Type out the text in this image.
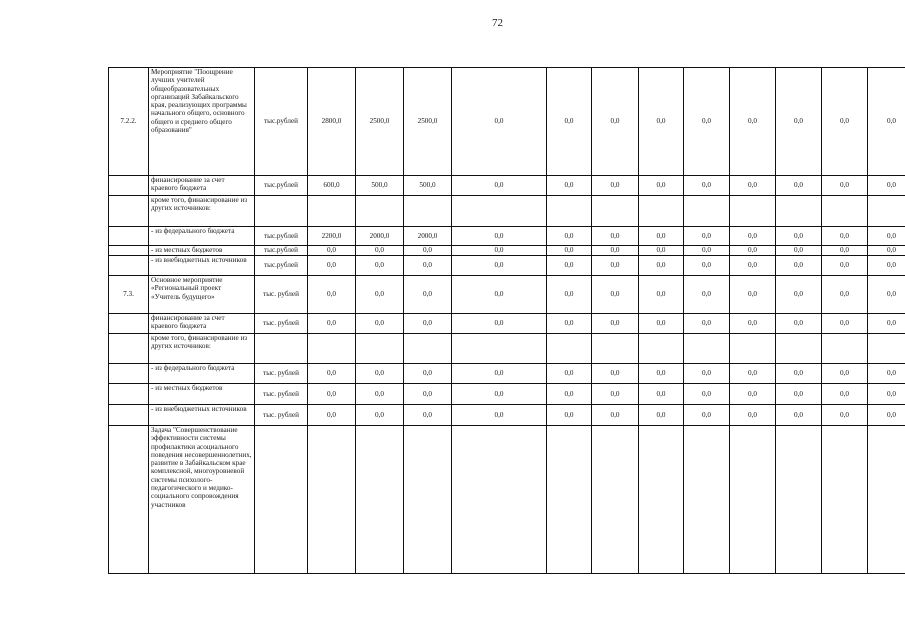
72
7.2.2.	Мероприятие "Поощрение лучших учителей общеобразовательных организаций Забайкальского края, реализующих программы начального общего, основного общего и среднего общего образования"	тыс.рублей	2800,0	2500,0	2500,0	0,0	0,0	0,0	0,0	0,0	0,0	0,0	0,0	0,0
	финансирование за счет краевого бюджета	тыс.рублей	600,0	500,0	500,0	0,0	0,0	0,0	0,0	0,0	0,0	0,0	0,0	0,0
	кроме того, финансирование из других источников:													
	- из федерального бюджета	тыс.рублей	2200,0	2000,0	2000,0	0,0	0,0	0,0	0,0	0,0	0,0	0,0	0,0	0,0
	- из местных бюджетов	тыс.рублей	0,0	0,0	0,0	0,0	0,0	0,0	0,0	0,0	0,0	0,0	0,0	0,0
	- из внебюджетных источников	тыс.рублей	0,0	0,0	0,0	0,0	0,0	0,0	0,0	0,0	0,0	0,0	0,0	0,0
7.3.	Основное мероприятие «Региональный проект «Учитель будущего»	тыс. рублей	0,0	0,0	0,0	0,0	0,0	0,0	0,0	0,0	0,0	0,0	0,0	0,0
	финансирование за счет краевого бюджета	тыс. рублей	0,0	0,0	0,0	0,0	0,0	0,0	0,0	0,0	0,0	0,0	0,0	0,0
	кроме того, финансирование из других источников:													
	- из федерального бюджета	тыс. рублей	0,0	0,0	0,0	0,0	0,0	0,0	0,0	0,0	0,0	0,0	0,0	0,0
	- из местных бюджетов	тыс. рублей	0,0	0,0	0,0	0,0	0,0	0,0	0,0	0,0	0,0	0,0	0,0	0,0
	- из внебюджетных источников	тыс. рублей	0,0	0,0	0,0	0,0	0,0	0,0	0,0	0,0	0,0	0,0	0,0	0,0
	Задача "Совершенствование эффективности системы профилактики асоциального поведения несовершеннолетних, развитие в Забайкальском крае комплексной, многоуровневой системы психолого-педагогического и медико-социального сопровождения участников													
